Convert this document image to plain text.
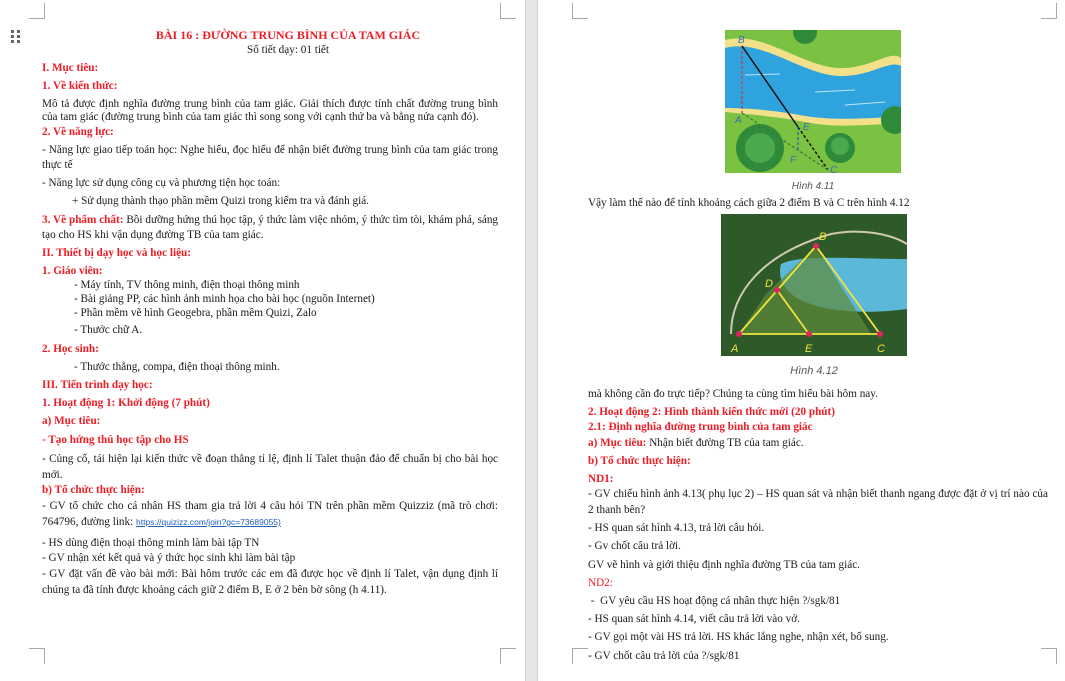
BÀI 16 : ĐƯỜNG TRUNG BÌNH CỦA TAM GIÁC

Số tiết dạy: 01 tiết

I. Mục tiêu:

1. Về kiến thức:

Mô tả được định nghĩa đường trung bình của tam giác. Giải thích được tính chất đường trung bình của tam giác (đường trung bình của tam giác thì song song với cạnh thứ ba và bằng nửa cạnh đó).

2. Về năng lực:

- Năng lực giao tiếp toán học: Nghe hiểu, đọc hiểu để nhận biết đường trung bình của tam giác trong thực tế

- Năng lực sử dụng công cụ và phương tiện học toán:

+ Sử dụng thành thạo phần mềm Quizi trong kiểm tra và đánh giá.

3. Về phẩm chất: Bồi dưỡng hứng thú học tập, ý thức làm việc nhóm, ý thức tìm tòi, khám phá, sáng tạo cho HS khi vận dụng đường TB của tam giác.

II. Thiết bị dạy học và học liệu:

1. Giáo viên:

- Máy tính, TV thông minh, điện thoại thông minh

- Bài giảng PP, các hình ảnh minh họa cho bài học (nguồn Internet)

- Phần mềm vẽ hình Geogebra, phần mềm Quizi, Zalo

- Thước chữ A.

2. Học sinh:

- Thước thẳng, compa, điện thoại thông minh.

III. Tiến trình dạy học:

1. Hoạt động 1: Khởi động (7 phút)

a) Mục tiêu:

- Tạo hứng thú học tập cho HS

- Củng cố, tái hiện lại kiến thức về đoạn thẳng tỉ lệ, định lí Talet thuận đảo để chuẩn bị cho bài học mới.

b) Tổ chức thực hiện:

- GV tổ chức cho cá nhân HS tham gia trả lời 4 câu hỏi TN trên phần mềm Quizziz (mã trò chơi: 764796, đường link: https://quizizz.com/join?gc=73689055)

- HS dùng điện thoại thông minh làm bài tập TN

- GV nhận xét kết quả và ý thức học sinh khi làm bài tập

- GV đặt vấn đề vào bài mới: Bài hôm trước các em đã được học về định lí Talet, vận dụng định lí chúng ta đã tính được khoảng cách giữ 2 điểm B, E ở 2 bên bờ sông (h 4.11).

B
A
E
F
C
Hình 4.11

Vậy làm thế nào để tính khoảng cách giữa 2 điểm B và C trên hình 4.12

B
D
A	E	C
Hình 4.12

mà không cần đo trực tiếp? Chúng ta cùng tìm hiểu bài hôm nay.

2. Hoạt động 2: Hình thành kiến thức mới (20 phút)

2.1: Định nghĩa đường trung bình của tam giác

a) Mục tiêu: Nhận biết đường TB của tam giác.

b) Tổ chức thực hiện:

ND1:

- GV chiếu hình ảnh 4.13( phụ lục 2) – HS quan sát và nhận biết thanh ngang được đặt ở vị trí nào của 2 thanh bên?

- HS quan sát hình 4.13, trả lời câu hỏi.

- Gv chốt câu trả lời.

GV vẽ hình và giới thiệu định nghĩa đường TB của tam giác.

ND2:

-  GV yêu cầu HS hoạt động cá nhân thực hiện ?/sgk/81

- HS quan sát hình 4.14, viết câu trả lời vào vở.

- GV gọi một vài HS trả lời. HS khác lắng nghe, nhận xét, bổ sung.

- GV chốt câu trả lời của ?/sgk/81
